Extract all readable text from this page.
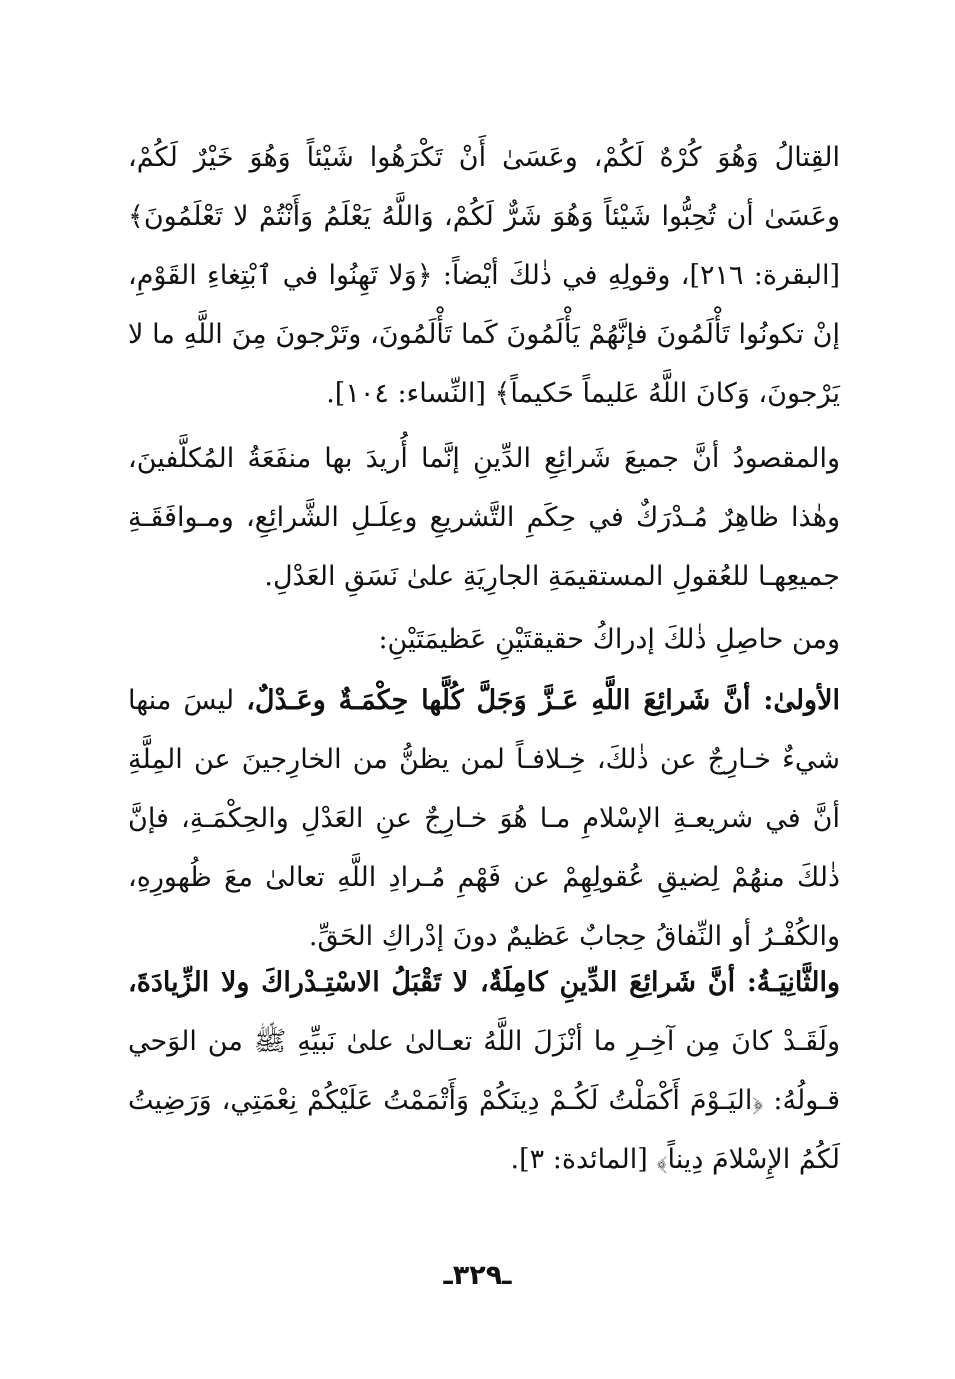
القِتالُ وَهُوَ كُرْهٌ لَكُمْ، وعَسَىٰ أَنْ تَكْرَهُوا شَيْئاً وَهُوَ خَيْرٌ لَكُمْ، وعَسَىٰ أن تُحِبُّوا شَيْئاً وَهُوَ شَرٌّ لَكُمْ، وَاللَّهُ يَعْلَمُ وَأَنْتُمْ لا تَعْلَمُونَ﴾ [البقرة: ٢١٦]، وقولِهِ في ذٰلكَ أيْضاً: ﴿وَلا تَهِنُوا في ٱبْتِغاءِ القَوْمِ، إنْ تكونُوا تَأْلَمُونَ فإنَّهُمْ يَأْلَمُونَ كَما تَأْلَمُونَ، وتَرْجونَ مِنَ اللَّهِ ما لا يَرْجونَ، وَكانَ اللَّهُ عَليماً حَكيماً﴾ [النِّساء: ١٠٤].

والمقصودُ أنَّ جميعَ شَرائِعِ الدِّينِ إنَّما أُريدَ بها منفَعَةُ المُكلَّفينَ، وهٰذا ظاهِرٌ مُـدْرَكٌ في حِكَمِ التَّشريعِ وعِلَـلِ الشَّرائِعِ، ومـوافَقَـةِ جميعِهـا للعُقولِ المستقيمَةِ الجارِيَةِ علىٰ نَسَقِ العَدْلِ.

ومن حاصِلِ ذٰلكَ إدراكُ حقيقتَيْنِ عَظيمَتَيْنِ:

الأولىٰ: أنَّ شَرائِعَ اللَّهِ عَـزَّ وَجَلَّ كُلَّها حِكْمَـةٌ وعَـدْلٌ، ليسَ منها شيءٌ خـارِجٌ عن ذٰلكَ، خِـلافـاً لمن يظنُّ من الخارِجينَ عن المِلَّةِ أنَّ في شريعـةِ الإسْلامِ مـا هُوَ خـارِجٌ عنِ العَدْلِ والحِكْمَـةِ، فإنَّ ذٰلكَ منهُمْ لِضيقِ عُقولِهِمْ عن فَهْمِ مُـرادِ اللَّهِ تعالىٰ معَ ظُهورِهِ، والكُفْـرُ أو النِّفاقُ حِجابٌ عَظيمٌ دونَ إدْراكِ الحَقِّ.

والثَّانِيَـةُ: أنَّ شَرائِعَ الدِّينِ كامِلَةٌ، لا تَقْبَلُ الاسْتِـدْراكَ ولا الزِّيادَةَ، ولَقَـدْ كانَ مِن آخِـرِ ما أنْزَلَ اللَّهُ تعـالىٰ علىٰ نَبيِّهِ ﷺ من الوَحي قـولُهُ: ﴿اليَـوْمَ أَكْمَلْتُ لَكُـمْ دِينَكُمْ وَأَتْمَمْتُ عَلَيْكُمْ نِعْمَتِي، وَرَضِيتُ لَكُمُ الإِسْلامَ دِيناً﴾ [المائدة: ٣].

ـ٣٢٩ـ
